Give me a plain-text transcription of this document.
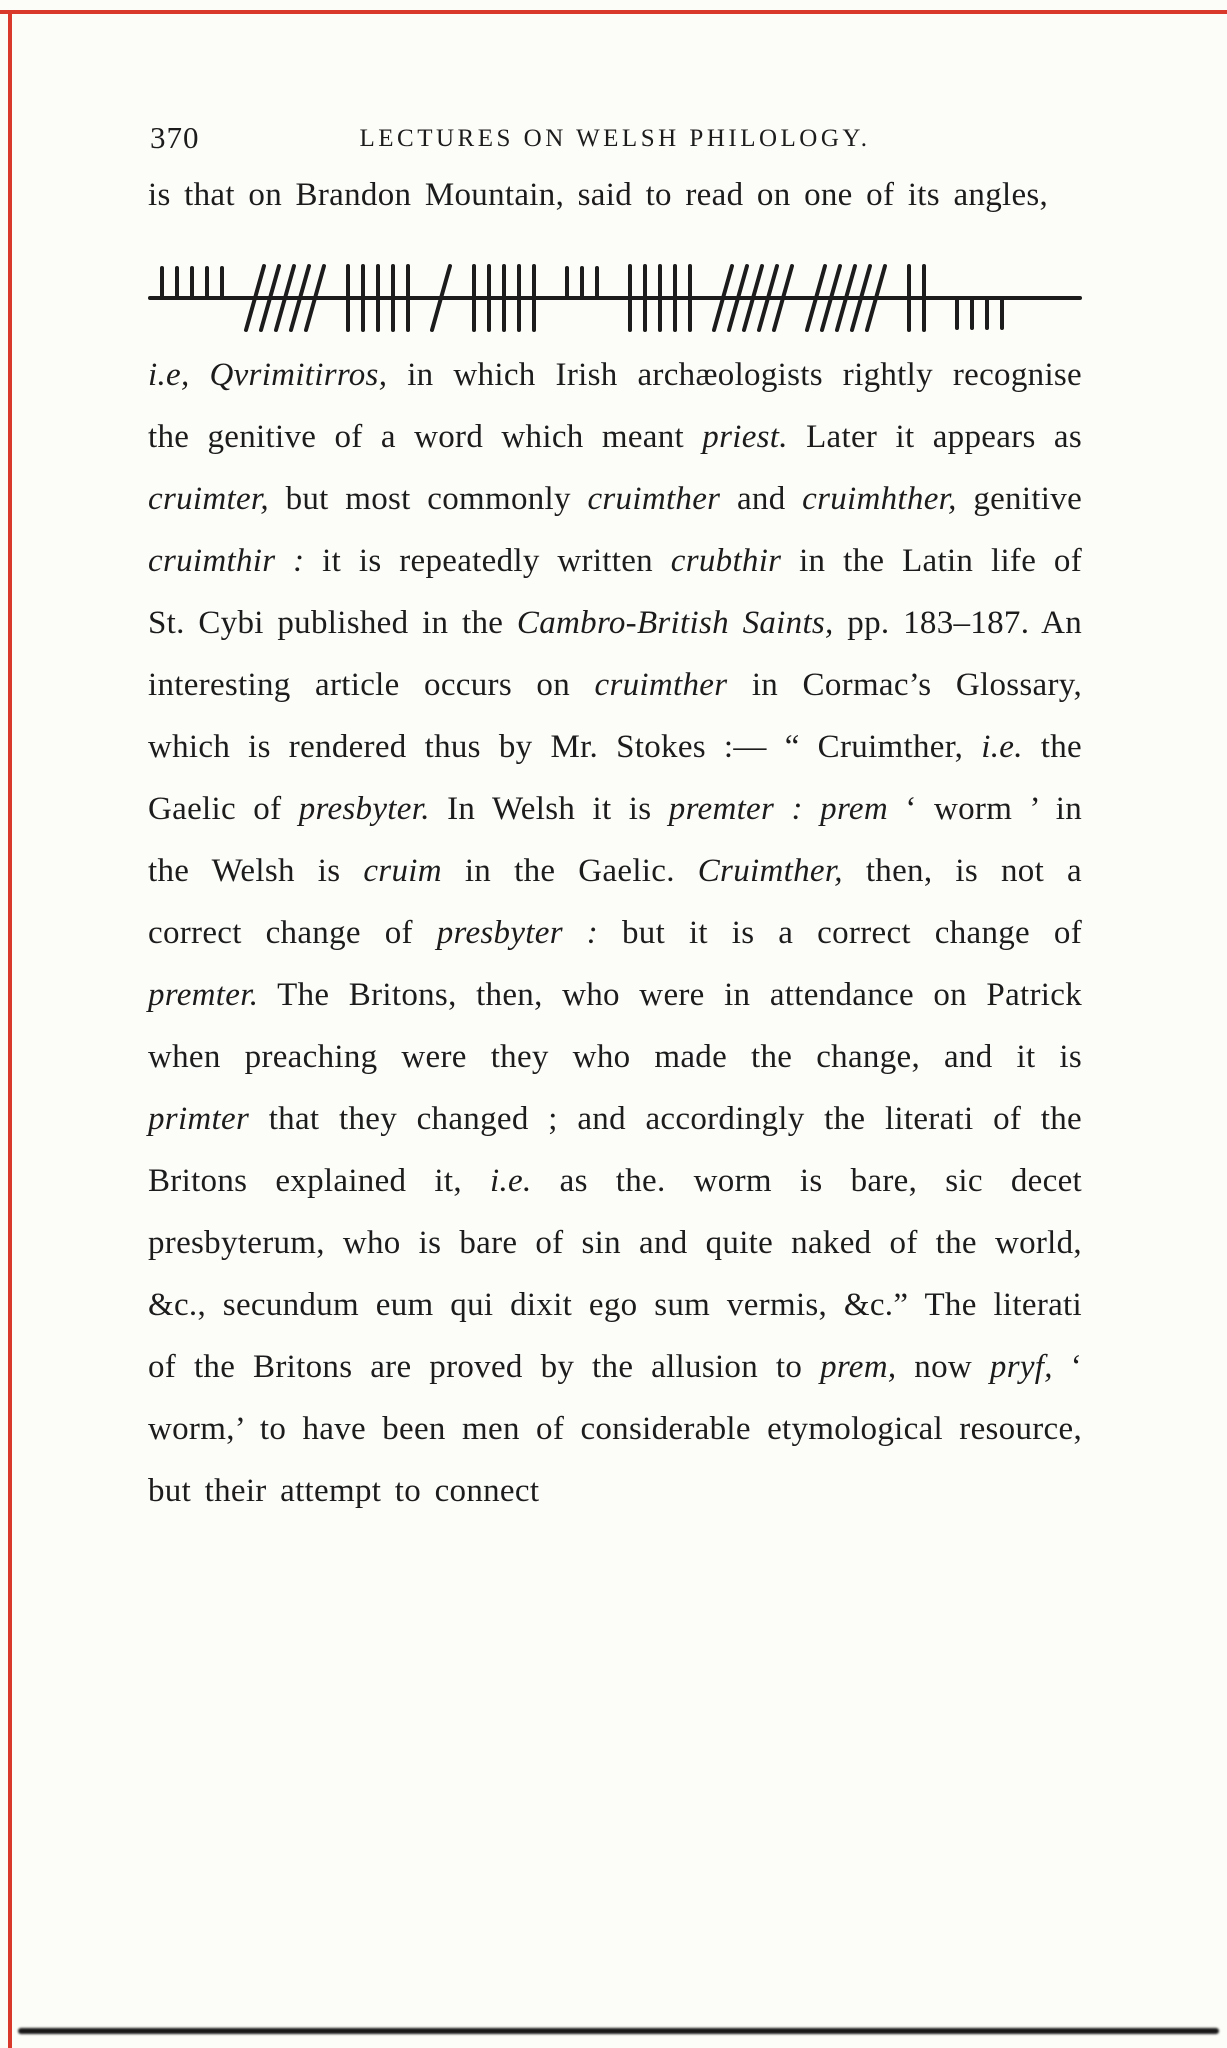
370	LECTURES ON WELSH PHILOLOGY.

is that on Brandon Mountain, said to read on one of its angles,

i.e, Qvrimitirros, in which Irish archæologists rightly recognise the genitive of a word which meant priest. Later it appears as cruimter, but most commonly cruimther and cruimhther, genitive cruimthir : it is repeatedly written crubthir in the Latin life of St. Cybi published in the Cambro-British Saints, pp. 183–187. An interesting article occurs on cruimther in Cormac’s Glossary, which is rendered thus by Mr. Stokes :— “ Cruimther, i.e. the Gaelic of presbyter. In Welsh it is premter : prem ‘ worm ’ in the Welsh is cruim in the Gaelic. Cruimther, then, is not a correct change of presbyter : but it is a correct change of premter. The Britons, then, who were in attendance on Patrick when preaching were they who made the change, and it is primter that they changed ; and accordingly the literati of the Britons explained it, i.e. as the. worm is bare, sic decet presbyterum, who is bare of sin and quite naked of the world, &c., secundum eum qui dixit ego sum vermis, &c.” The literati of the Britons are proved by the allusion to prem, now pryf, ‘ worm,’ to have been men of considerable etymological resource, but their attempt to connect
